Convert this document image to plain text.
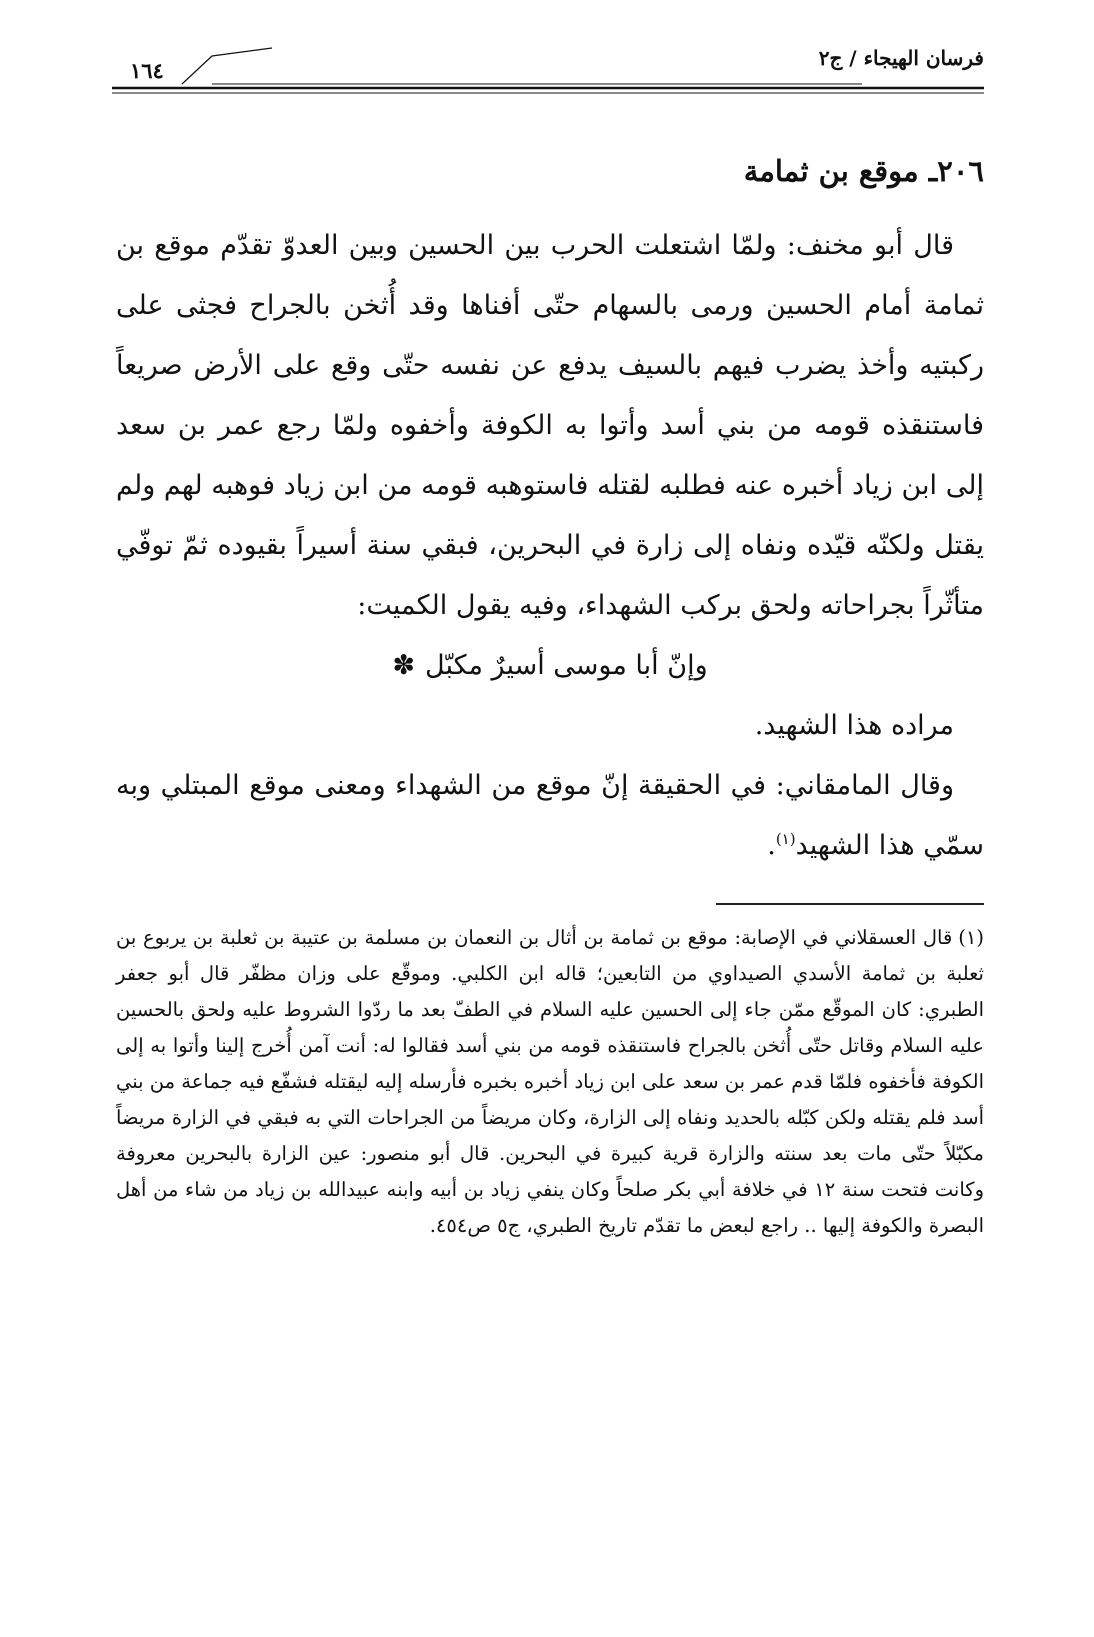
فرسان الهيجاء / ج٢
١٦٤
٢٠٦ـ موقع بن ثمامة

قال أبو مخنف: ولمّا اشتعلت الحرب بين الحسين وبين العدوّ تقدّم موقع بن ثمامة أمام الحسين ورمى بالسهام حتّى أفناها وقد أُثخن بالجراح فجثى على ركبتيه وأخذ يضرب فيهم بالسيف يدفع عن نفسه حتّى وقع على الأرض صريعاً فاستنقذه قومه من بني أسد وأتوا به الكوفة وأخفوه ولمّا رجع عمر بن سعد إلى ابن زياد أخبره عنه فطلبه لقتله فاستوهبه قومه من ابن زياد فوهبه لهم ولم يقتل ولكنّه قيّده ونفاه إلى زارة في البحرين، فبقي سنة أسيراً بقيوده ثمّ توفّي متأثّراً بجراحاته ولحق بركب الشهداء، وفيه يقول الكميت:

وإنّ أبا موسى أسيرٌ مكبّل✽

مراده هذا الشهيد.

وقال المامقاني: في الحقيقة إنّ موقع من الشهداء ومعنى موقع المبتلي وبه سمّي هذا الشهيد$^{(١)}$.

(١)قال العسقلاني في الإصابة: موقع بن ثمامة بن أثال بن النعمان بن مسلمة بن عتيبة بن ثعلبة بن يربوع بن ثعلبة بن ثمامة الأسدي الصيداوي من التابعين؛ قاله ابن الكلبي. وموقّع على وزان مظفّر قال أبو جعفر الطبري: كان الموقّع ممّن جاء إلى الحسين عليه السلام في الطفّ بعد ما ردّوا الشروط عليه ولحق بالحسين عليه السلام وقاتل حتّى أُثخن بالجراح فاستنقذه قومه من بني أسد فقالوا له: أنت آمن أُخرج إلينا وأتوا به إلى الكوفة فأخفوه فلمّا قدم عمر بن سعد على ابن زياد أخبره بخبره فأرسله إليه ليقتله فشفّع فيه جماعة من بني أسد فلم يقتله ولكن كبّله بالحديد ونفاه إلى الزارة، وكان مريضاً من الجراحات التي به فبقي في الزارة مريضاً مكبّلاً حتّى مات بعد سنته والزارة قرية كبيرة في البحرين. قال أبو منصور: عين الزارة بالبحرين معروفة وكانت فتحت سنة ١٢ في خلافة أبي بكر صلحاً وكان ينفي زياد بن أبيه وابنه عبيدالله بن زياد من شاء من أهل البصرة والكوفة إليها .. راجع لبعض ما تقدّم تاريخ الطبري، ج٥ ص٤٥٤.
